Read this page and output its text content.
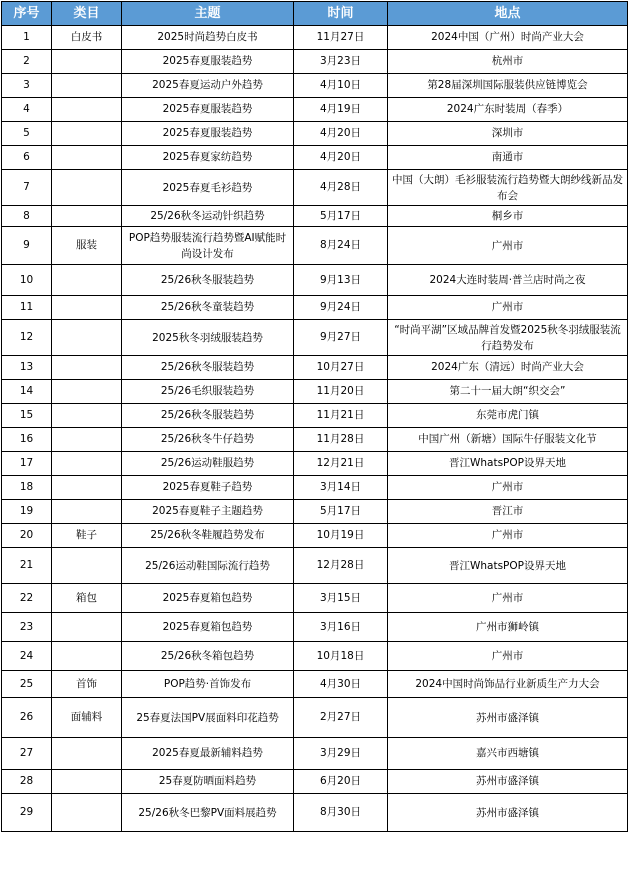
序号	类目	主题	时间	地点
1	白皮书	2025时尚趋势白皮书	11月27日	2024中国（广州）时尚产业大会
2		2025春夏服装趋势	3月23日	杭州市
3		2025春夏运动户外趋势	4月10日	第28届深圳国际服装供应链博览会
4		2025春夏服装趋势	4月19日	2024广东时装周（春季）
5		2025春夏服装趋势	4月20日	深圳市
6		2025春夏家纺趋势	4月20日	南通市
7		2025春夏毛衫趋势	4月28日	中国（大朗）毛衫服装流行趋势暨大朗纱线新品发布会
8		25/26秋冬运动针织趋势	5月17日	桐乡市
9	服装	POP趋势服装流行趋势暨AI赋能时尚设计发布	8月24日	广州市
10		25/26秋冬服装趋势	9月13日	2024大连时装周·普兰店时尚之夜
11		25/26秋冬童装趋势	9月24日	广州市
12		2025秋冬羽绒服装趋势	9月27日	“时尚平湖”区域品牌首发暨2025秋冬羽绒服装流行趋势发布
13		25/26秋冬服装趋势	10月27日	2024广东（清远）时尚产业大会
14		25/26毛织服装趋势	11月20日	第二十一届大朗“织交会”
15		25/26秋冬服装趋势	11月21日	东莞市虎门镇
16		25/26秋冬牛仔趋势	11月28日	中国广州（新塘）国际牛仔服装文化节
17		25/26运动鞋服趋势	12月21日	晋江WhatsPOP设界天地
18		2025春夏鞋子趋势	3月14日	广州市
19		2025春夏鞋子主题趋势	5月17日	晋江市
20	鞋子	25/26秋冬鞋履趋势发布	10月19日	广州市
21		25/26运动鞋国际流行趋势	12月28日	晋江WhatsPOP设界天地
22	箱包	2025春夏箱包趋势	3月15日	广州市
23		2025春夏箱包趋势	3月16日	广州市狮岭镇
24		25/26秋冬箱包趋势	10月18日	广州市
25	首饰	POP趋势·首饰发布	4月30日	2024中国时尚饰品行业新质生产力大会
26	面辅料	25春夏法国PV展面料印花趋势	2月27日	苏州市盛泽镇
27		2025春夏最新辅料趋势	3月29日	嘉兴市西塘镇
28		25春夏防晒面料趋势	6月20日	苏州市盛泽镇
29		25/26秋冬巴黎PV面料展趋势	8月30日	苏州市盛泽镇
